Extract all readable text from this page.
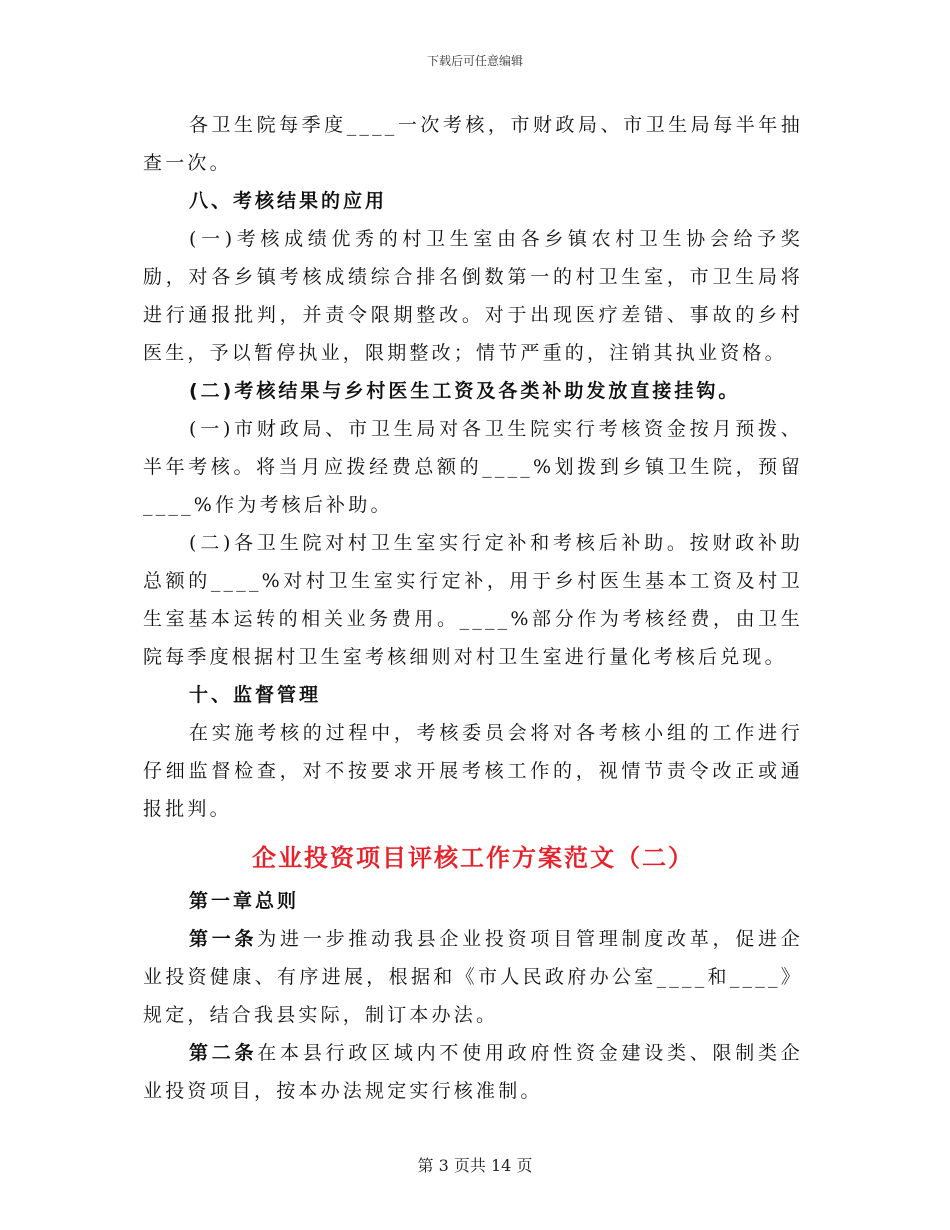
下载后可任意编辑

各卫生院每季度____一次考核，市财政局、市卫生局每半年抽查一次。

八、考核结果的应用

(一)考核成绩优秀的村卫生室由各乡镇农村卫生协会给予奖励，对各乡镇考核成绩综合排名倒数第一的村卫生室，市卫生局将进行通报批判，并责令限期整改。对于出现医疗差错、事故的乡村医生，予以暂停执业，限期整改；情节严重的，注销其执业资格。

(二)考核结果与乡村医生工资及各类补助发放直接挂钩。

(一)市财政局、市卫生局对各卫生院实行考核资金按月预拨、半年考核。将当月应拨经费总额的____%划拨到乡镇卫生院，预留____%作为考核后补助。

(二)各卫生院对村卫生室实行定补和考核后补助。按财政补助总额的____%对村卫生室实行定补，用于乡村医生基本工资及村卫生室基本运转的相关业务费用。____%部分作为考核经费，由卫生院每季度根据村卫生室考核细则对村卫生室进行量化考核后兑现。

十、监督管理

在实施考核的过程中，考核委员会将对各考核小组的工作进行仔细监督检查，对不按要求开展考核工作的，视情节责令改正或通报批判。

企业投资项目评核工作方案范文（二）

第一章总则

第一条为进一步推动我县企业投资项目管理制度改革，促进企业投资健康、有序进展，根据和《市人民政府办公室____和____》规定，结合我县实际，制订本办法。

第二条在本县行政区域内不使用政府性资金建设类、限制类企业投资项目，按本办法规定实行核准制。

第 3 页共 14 页
